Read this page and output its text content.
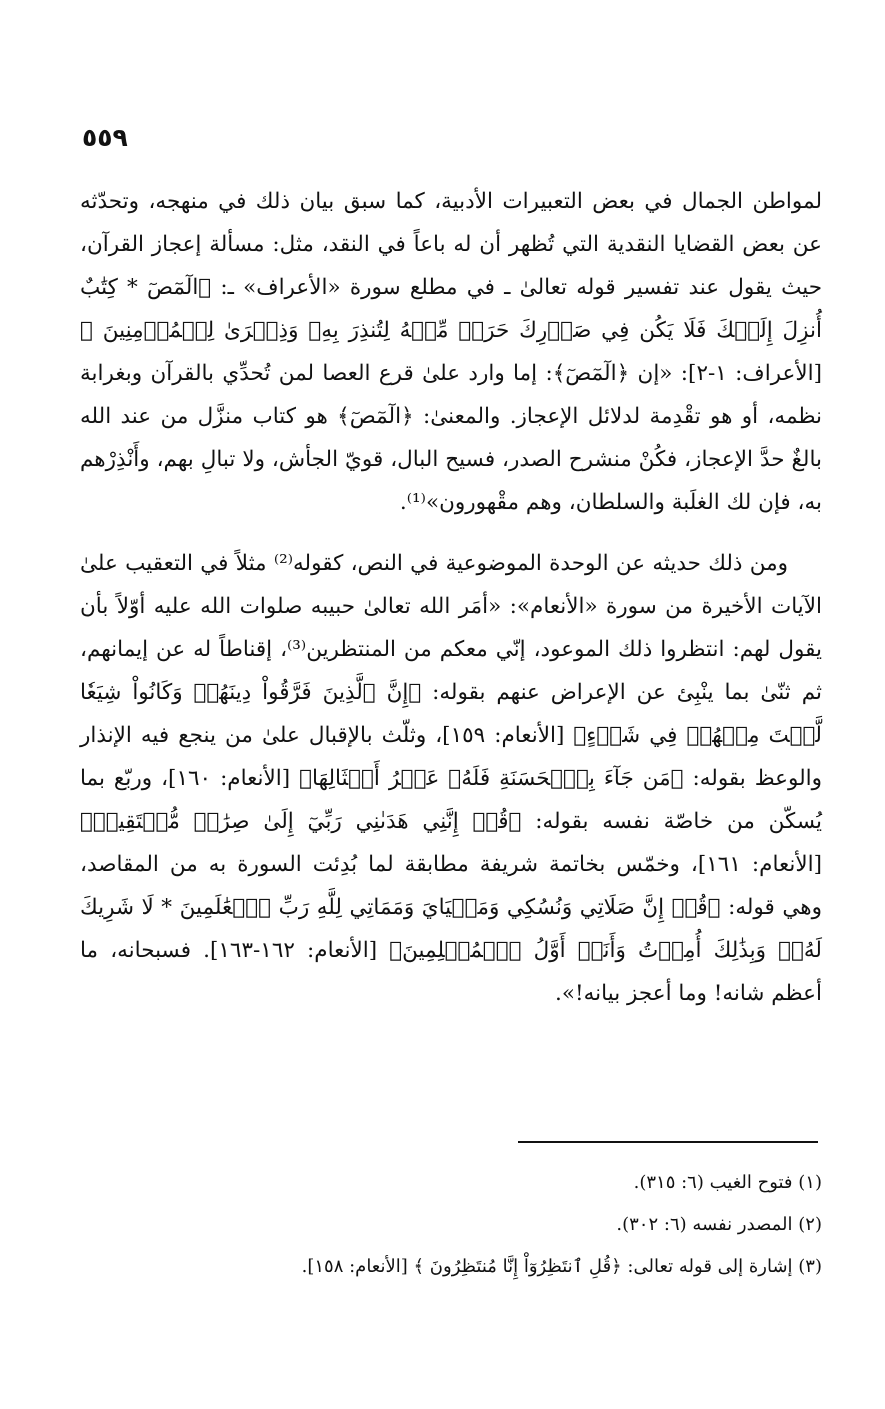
٥٥٩

لمواطن الجمال في بعض التعبيرات الأدبية، كما سبق بيان ذلك في منهجه، وتحدّثه عن بعض القضايا النقدية التي تُظهر أن له باعاً في النقد، مثل: مسألة إعجاز القرآن، حيث يقول عند تفسير قوله تعالىٰ ـ في مطلع سورة «الأعراف» ـ: ﴿الٓمٓصٓ * كِتَٰبٌ أُنزِلَ إِلَيۡكَ فَلَا يَكُن فِي صَدۡرِكَ حَرَجٞ مِّنۡهُ لِتُنذِرَ بِهِۦ وَذِكۡرَىٰ لِلۡمُؤۡمِنِينَ ﴾ [الأعراف: ١-٢]: «إن ﴿الٓمٓصٓ﴾: إما وارد علىٰ قرع العصا لمن تُحدِّي بالقرآن وبغرابة نظمه، أو هو تقْدِمة لدلائل الإعجاز. والمعنىٰ: ﴿الٓمٓصٓ﴾ هو كتاب منزَّل من عند الله بالغٌ حدَّ الإعجاز، فكُنْ منشرح الصدر، فسيح البال، قويّ الجأش، ولا تبالِ بهم، وأَنْذِرْهم به، فإن لك الغلَبة والسلطان، وهم مقْهورون»⁽¹⁾.

ومن ذلك حديثه عن الوحدة الموضوعية في النص، كقوله⁽²⁾ مثلاً في التعقيب علىٰ الآيات الأخيرة من سورة «الأنعام»: «أمَر الله تعالىٰ حبيبه صلوات الله عليه أوّلاً بأن يقول لهم: انتظروا ذلك الموعود، إنّي معكم من المنتظرين⁽³⁾، إقناطاً له عن إيمانهم، ثم ثنّىٰ بما ينْبِئ عن الإعراض عنهم بقوله: ﴿إِنَّ ٱلَّذِينَ فَرَّقُواْ دِينَهُمۡ وَكَانُواْ شِيَعٗا لَّسۡتَ مِنۡهُمۡ فِي شَيۡءٍ﴾ [الأنعام: ١٥٩]، وثلّث بالإقبال علىٰ من ينجع فيه الإنذار والوعظ بقوله: ﴿مَن جَآءَ بِٱلۡحَسَنَةِ فَلَهُۥ عَشۡرُ أَمۡثَالِهَا﴾ [الأنعام: ١٦٠]، وربّع بما يُسكّن من خاصّة نفسه بقوله: ﴿قُلۡ إِنَّنِي هَدَىٰنِي رَبِّيٓ إِلَىٰ صِرَٰطٖ مُّسۡتَقِيمٖ﴾ [الأنعام: ١٦١]، وخمّس بخاتمة شريفة مطابقة لما بُدِئت السورة به من المقاصد، وهي قوله: ﴿قُلۡ إِنَّ صَلَاتِي وَنُسُكِي وَمَحۡيَايَ وَمَمَاتِي لِلَّهِ رَبِّ ٱلۡعَٰلَمِينَ * لَا شَرِيكَ لَهُۥۖ وَبِذَٰلِكَ أُمِرۡتُ وَأَنَا۠ أَوَّلُ ٱلۡمُسۡلِمِينَ﴾ [الأنعام: ١٦٢-١٦٣]. فسبحانه، ما أعظم شانه! وما أعجز بيانه!».

(١) فتوح الغيب (٦: ٣١٥).

(٢) المصدر نفسه (٦: ٣٠٢).

(٣) إشارة إلى قوله تعالى: ﴿قُلِ ٱنتَظِرُوٓاْ إِنَّا مُنتَظِرُونَ ﴾ [الأنعام: ١٥٨].
